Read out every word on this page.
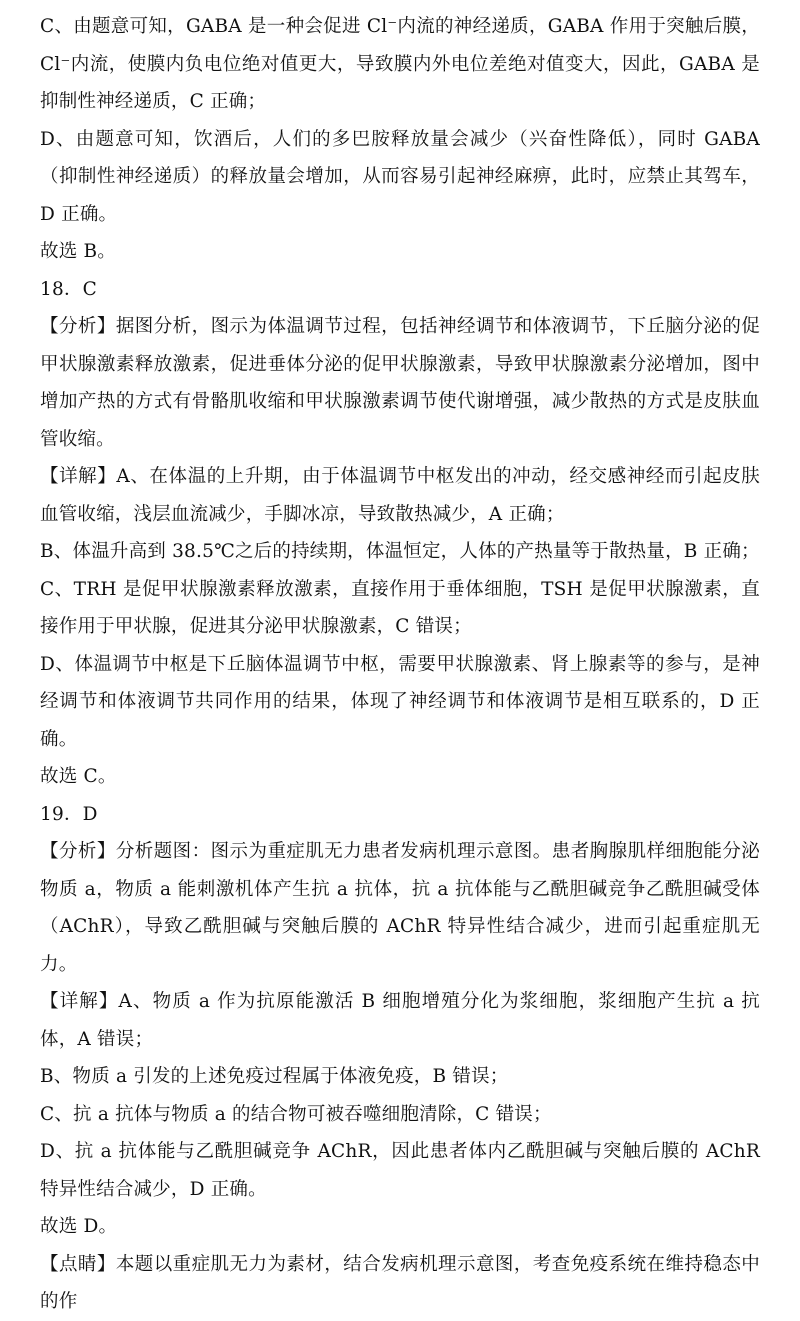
C、由题意可知，GABA 是一种会促进 Cl⁻内流的神经递质，GABA 作用于突触后膜，Cl⁻内流，使膜内负电位绝对值更大，导致膜内外电位差绝对值变大，因此，GABA 是抑制性神经递质，C 正确；

D、由题意可知，饮酒后，人们的多巴胺释放量会减少（兴奋性降低），同时 GABA（抑制性神经递质）的释放量会增加，从而容易引起神经麻痹，此时，应禁止其驾车，D 正确。

故选 B。

18．C

【分析】据图分析，图示为体温调节过程，包括神经调节和体液调节，下丘脑分泌的促甲状腺激素释放激素，促进垂体分泌的促甲状腺激素，导致甲状腺激素分泌增加，图中增加产热的方式有骨骼肌收缩和甲状腺激素调节使代谢增强，减少散热的方式是皮肤血管收缩。

【详解】A、在体温的上升期，由于体温调节中枢发出的冲动，经交感神经而引起皮肤血管收缩，浅层血流减少，手脚冰凉，导致散热减少，A 正确；

B、体温升高到 38.5℃之后的持续期，体温恒定，人体的产热量等于散热量，B 正确；

C、TRH 是促甲状腺激素释放激素，直接作用于垂体细胞，TSH 是促甲状腺激素，直接作用于甲状腺，促进其分泌甲状腺激素，C 错误；

D、体温调节中枢是下丘脑体温调节中枢，需要甲状腺激素、肾上腺素等的参与，是神经调节和体液调节共同作用的结果，体现了神经调节和体液调节是相互联系的，D 正确。

故选 C。

19．D

【分析】分析题图：图示为重症肌无力患者发病机理示意图。患者胸腺肌样细胞能分泌物质 a，物质 a 能刺激机体产生抗 a 抗体，抗 a 抗体能与乙酰胆碱竞争乙酰胆碱受体（AChR），导致乙酰胆碱与突触后膜的 AChR 特异性结合减少，进而引起重症肌无力。

【详解】A、物质 a 作为抗原能激活 B 细胞增殖分化为浆细胞，浆细胞产生抗 a 抗体，A 错误；

B、物质 a 引发的上述免疫过程属于体液免疫，B 错误；

C、抗 a 抗体与物质 a 的结合物可被吞噬细胞清除，C 错误；

D、抗 a 抗体能与乙酰胆碱竞争 AChR，因此患者体内乙酰胆碱与突触后膜的 AChR 特异性结合减少，D 正确。

故选 D。

【点睛】本题以重症肌无力为素材，结合发病机理示意图，考查免疫系统在维持稳态中的作
